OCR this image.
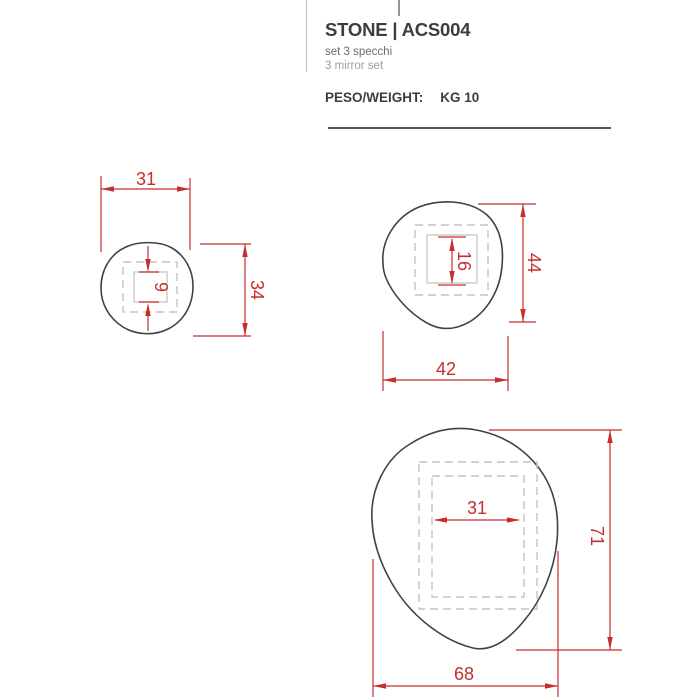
STONE | ACS004
set 3 specchi
3 mirror set
PESO/WEIGHT: KG 10
31
34
9
16	44
42
31
71
68
